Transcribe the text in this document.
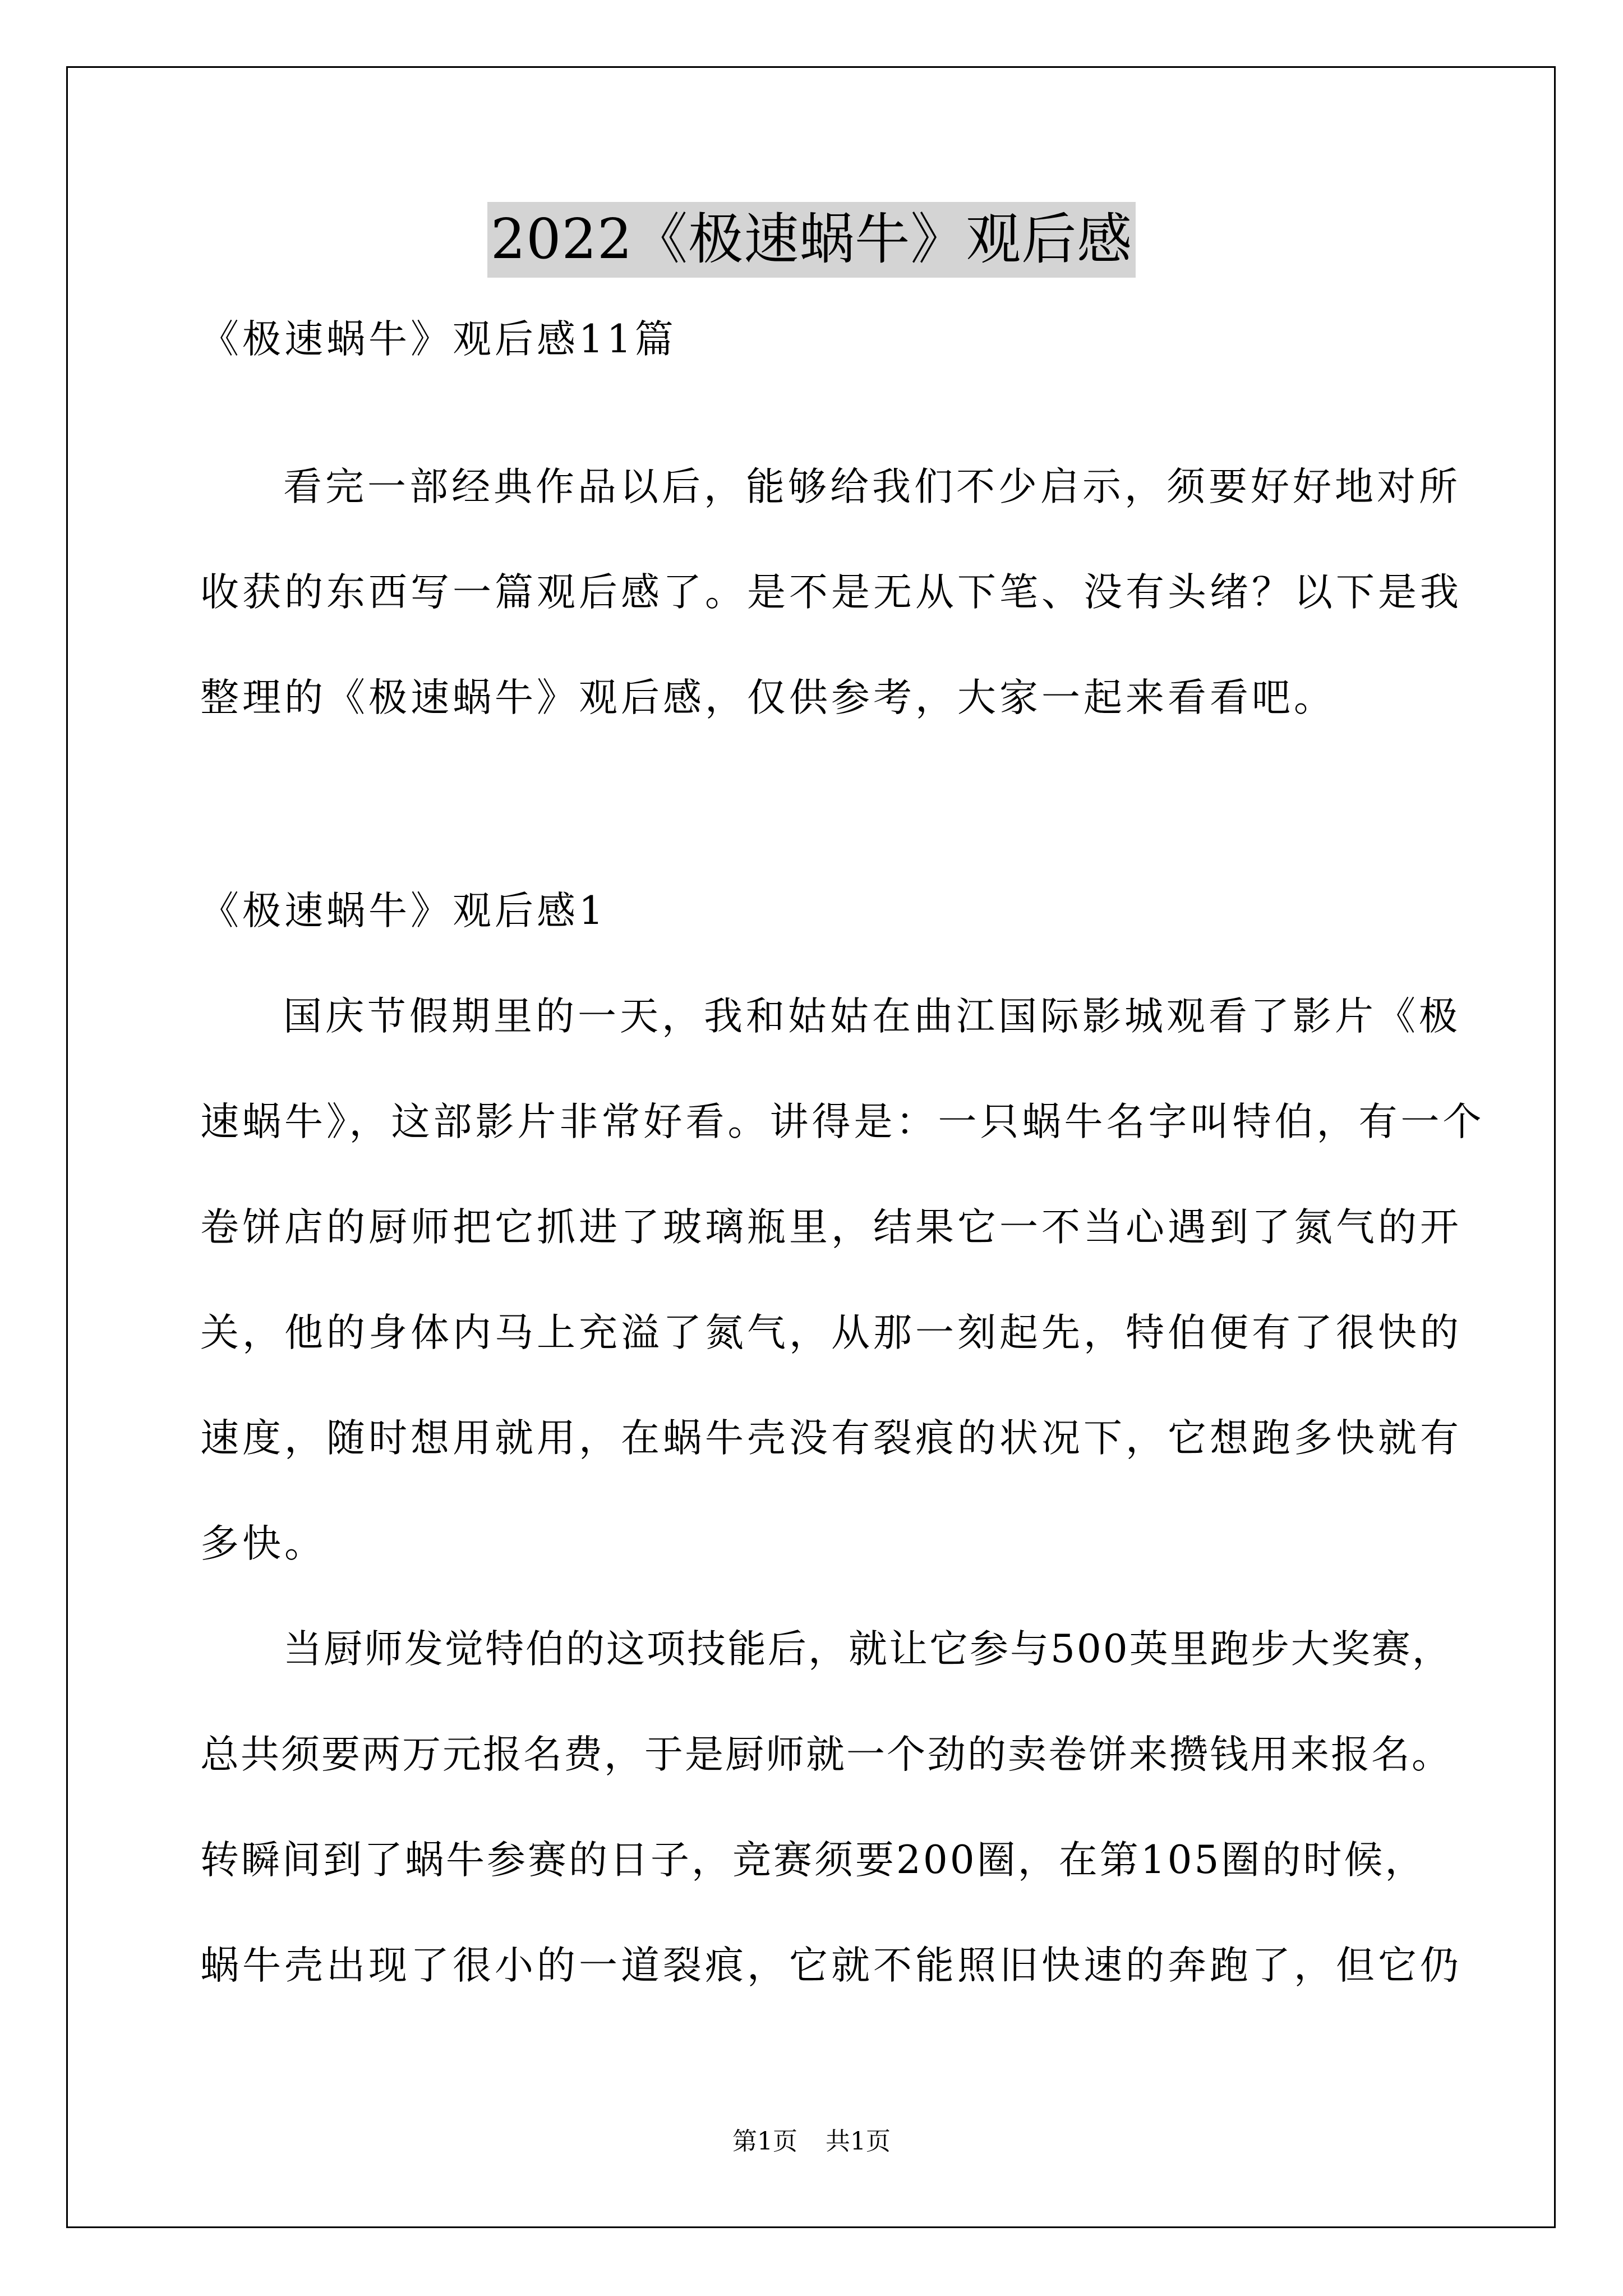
2022《极速蜗牛》观后感
《极速蜗牛》观后感11篇
看完一部经典作品以后，能够给我们不少启示，须要好好地对所
收获的东西写一篇观后感了。是不是无从下笔、没有头绪？以下是我
整理的《极速蜗牛》观后感，仅供参考，大家一起来看看吧。
《极速蜗牛》观后感1
国庆节假期里的一天，我和姑姑在曲江国际影城观看了影片《极
速蜗牛》，这部影片非常好看。讲得是：一只蜗牛名字叫特伯，有一个
卷饼店的厨师把它抓进了玻璃瓶里，结果它一不当心遇到了氮气的开
关，他的身体内马上充溢了氮气，从那一刻起先，特伯便有了很快的
速度，随时想用就用，在蜗牛壳没有裂痕的状况下，它想跑多快就有
多快。
当厨师发觉特伯的这项技能后，就让它参与500英里跑步大奖赛，
总共须要两万元报名费，于是厨师就一个劲的卖卷饼来攒钱用来报名。
转瞬间到了蜗牛参赛的日子，竞赛须要200圈，在第105圈的时候，
蜗牛壳出现了很小的一道裂痕，它就不能照旧快速的奔跑了，但它仍
第1页 共1页
